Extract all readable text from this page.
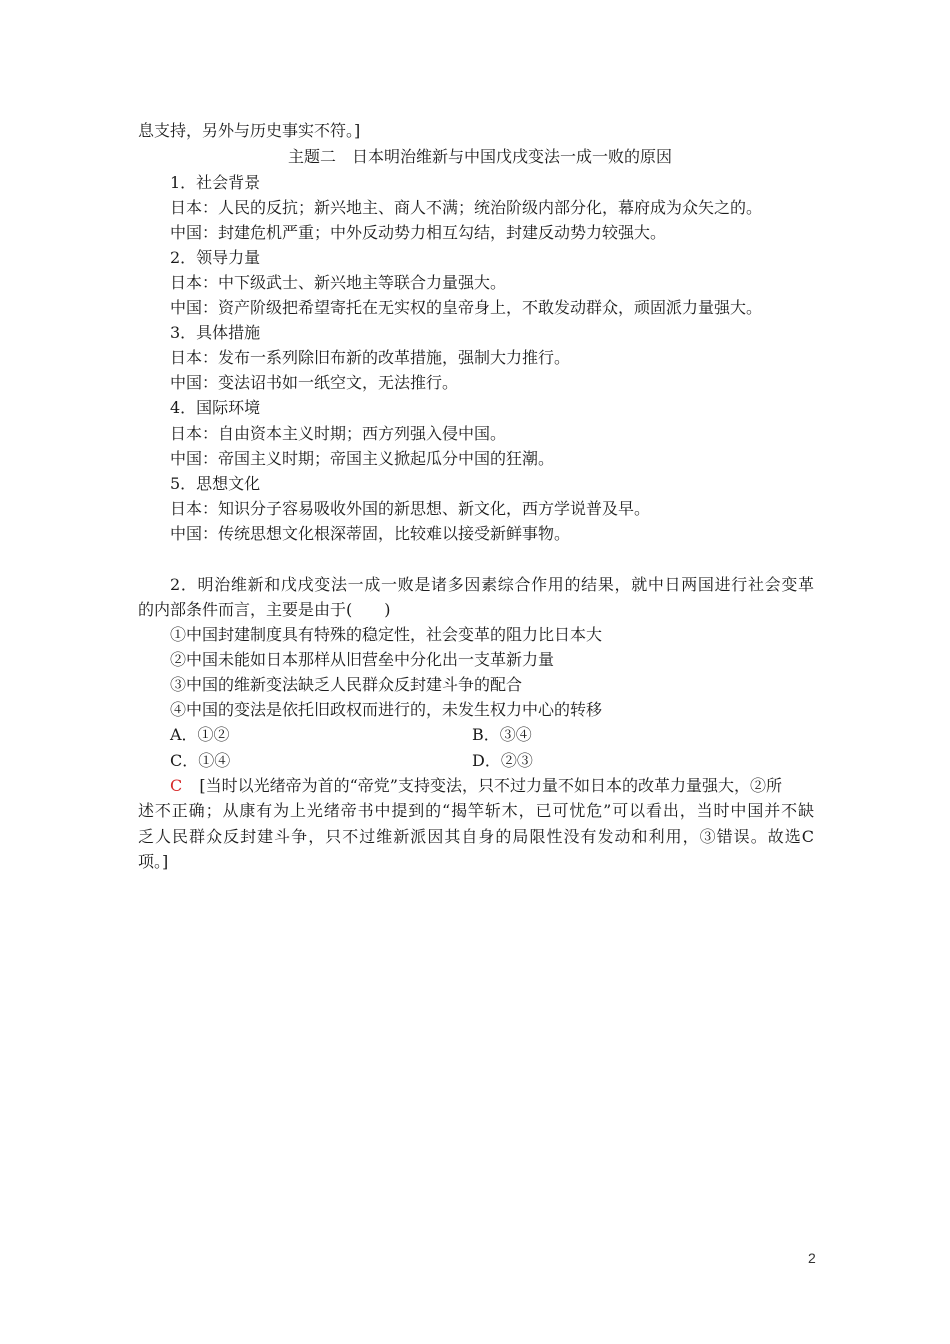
息支持，另外与历史事实不符。]
主题二　日本明治维新与中国戊戌变法一成一败的原因
1．社会背景
日本：人民的反抗；新兴地主、商人不满；统治阶级内部分化，幕府成为众矢之的。
中国：封建危机严重；中外反动势力相互勾结，封建反动势力较强大。
2．领导力量
日本：中下级武士、新兴地主等联合力量强大。
中国：资产阶级把希望寄托在无实权的皇帝身上，不敢发动群众，顽固派力量强大。
3．具体措施
日本：发布一系列除旧布新的改革措施，强制大力推行。
中国：变法诏书如一纸空文，无法推行。
4．国际环境
日本：自由资本主义时期；西方列强入侵中国。
中国：帝国主义时期；帝国主义掀起瓜分中国的狂潮。
5．思想文化
日本：知识分子容易吸收外国的新思想、新文化，西方学说普及早。
中国：传统思想文化根深蒂固，比较难以接受新鲜事物。
2．明治维新和戊戌变法一成一败是诸多因素综合作用的结果，就中日两国进行社会变革
的内部条件而言，主要是由于(　　)
①中国封建制度具有特殊的稳定性，社会变革的阻力比日本大
②中国未能如日本那样从旧营垒中分化出一支革新力量
③中国的维新变法缺乏人民群众反封建斗争的配合
④中国的变法是依托旧政权而进行的，未发生权力中心的转移
A．①②	B．③④
C．①④	D．②③
C [当时以光绪帝为首的“帝党”支持变法，只不过力量不如日本的改革力量强大，②所
述不正确；从康有为上光绪帝书中提到的“揭竿斩木，已可忧危”可以看出，当时中国并不缺
乏人民群众反封建斗争，只不过维新派因其自身的局限性没有发动和利用，③错误。故选C
项。]
2
